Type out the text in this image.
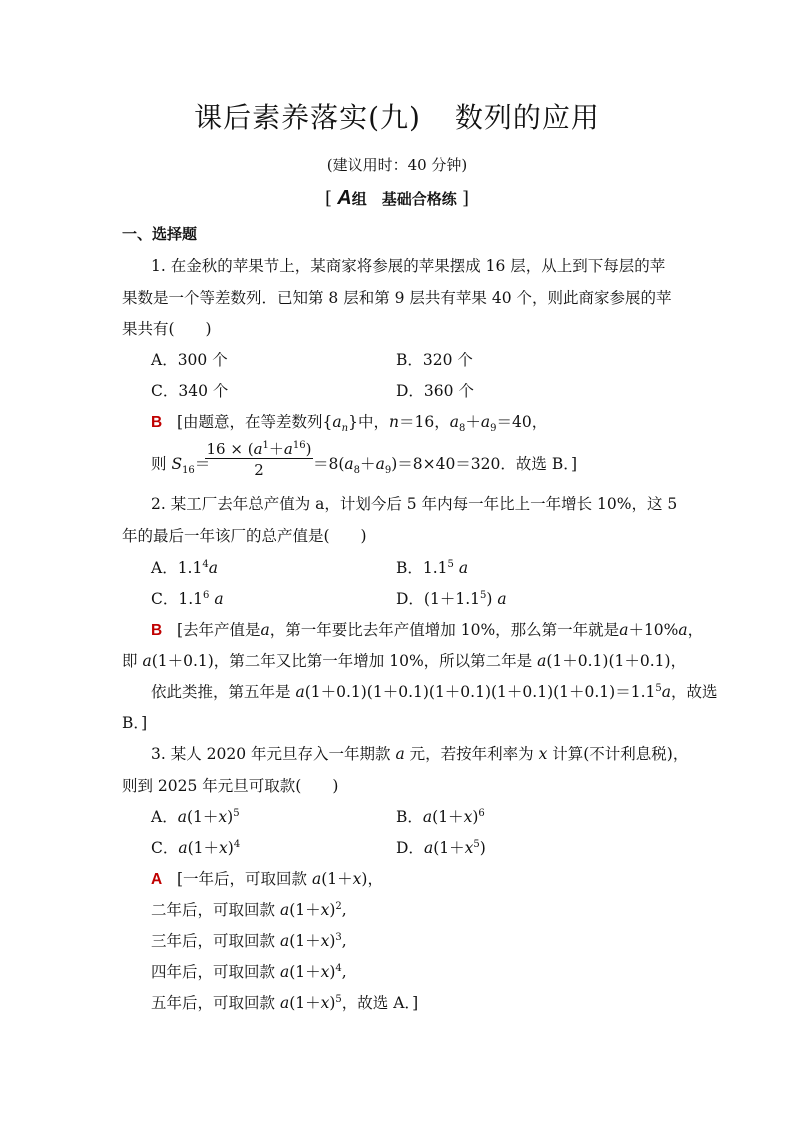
课后素养落实(九) 数列的应用
(建议用时：40 分钟)
[ A组　基础合格练 ]
一、选择题
1. 在金秋的苹果节上，某商家将参展的苹果摆成 16 层，从上到下每层的苹
果数是一个等差数列．已知第 8 层和第 9 层共有苹果 40 个，则此商家参展的苹
果共有(　　)
A．300 个	B．320 个
C．340 个	D．360 个
B [由题意，在等差数列$\{a_n\}$中，n＝16，$a_8+a_9=40$，
则 $S_{16}=$
$16 \times (a^1+a^{16})$
2	$=8(a_8+a_9)=8\times 40=320$．故选 B．]
2. 某工厂去年总产值为 a，计划今后 5 年内每一年比上一年增长 10%，这 5
年的最后一年该厂的总产值是(　　)
A．$1.1^4a$	B．$1.1^5$ a
C．$1.1^6$ a	D．$(1+1.1^5)$ a
B [去年产值是a，第一年要比去年产值增加 10%，那么第一年就是a＋10%a，
即 a(1＋0.1)，第二年又比第一年增加 10%，所以第二年是 a(1＋0.1)(1＋0.1)，
依此类推，第五年是 $a(1+0.1)(1+0.1)(1+0.1)(1+0.1)(1+0.1)=1.1^5a$，故选
B．]
3. 某人 2020 年元旦存入一年期款 a 元，若按年利率为 x 计算(不计利息税)，
则到 2025 年元旦可取款(　　)
A．$a(1+x)^5$	B．$a(1+x)^6$
C．$a(1+x)^4$	D．$a(1+x^5)$
A [一年后，可取回款 a(1＋x)，
二年后，可取回款 $a(1+x)^2$,
三年后，可取回款 $a(1+x)^3$,
四年后，可取回款 $a(1+x)^4$,
五年后，可取回款 $a(1+x)^5$，故选 A．]
